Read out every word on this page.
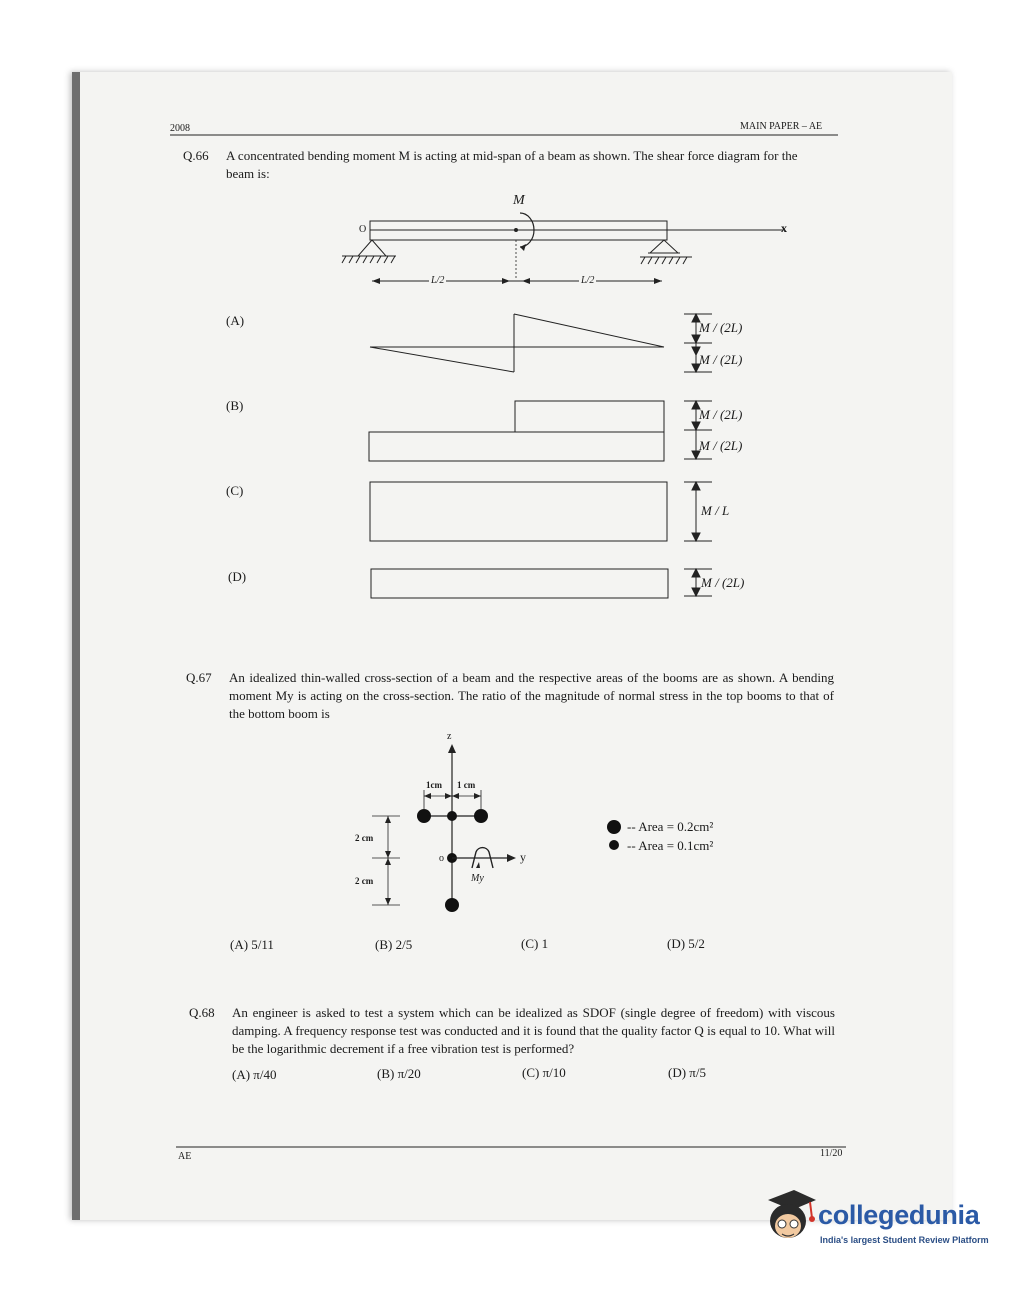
2008	MAIN PAPER – AE
Q.66 A concentrated bending moment M is acting at mid-span of a beam as shown. The shear force diagram for the beam is:
M
O	x
L/2	L/2
(A)
(B)
(C)
(D)
M / (2L)
M / (2L)
M / (2L)
M / (2L)
M / L
M / (2L)
Q.67 An idealized thin-walled cross-section of a beam and the respective areas of the booms are as shown. A bending moment My is acting on the cross-section. The ratio of the magnitude of normal stress in the top booms to that of the bottom boom is
z
y
o
My
1cm 1 cm
2 cm
2 cm
-- Area = 0.2cm²
-- Area = 0.1cm²
(A) 5/11	(B) 2/5	(C) 1	(D) 5/2
Q.68 An engineer is asked to test a system which can be idealized as SDOF (single degree of freedom) with viscous damping. A frequency response test was conducted and it is found that the quality factor Q is equal to 10. What will be the logarithmic decrement if a free vibration test is performed?
(A) π/40	(B) π/20	(C) π/10	(D) π/5
AE	11/20
collegedunia
India's largest Student Review Platform
